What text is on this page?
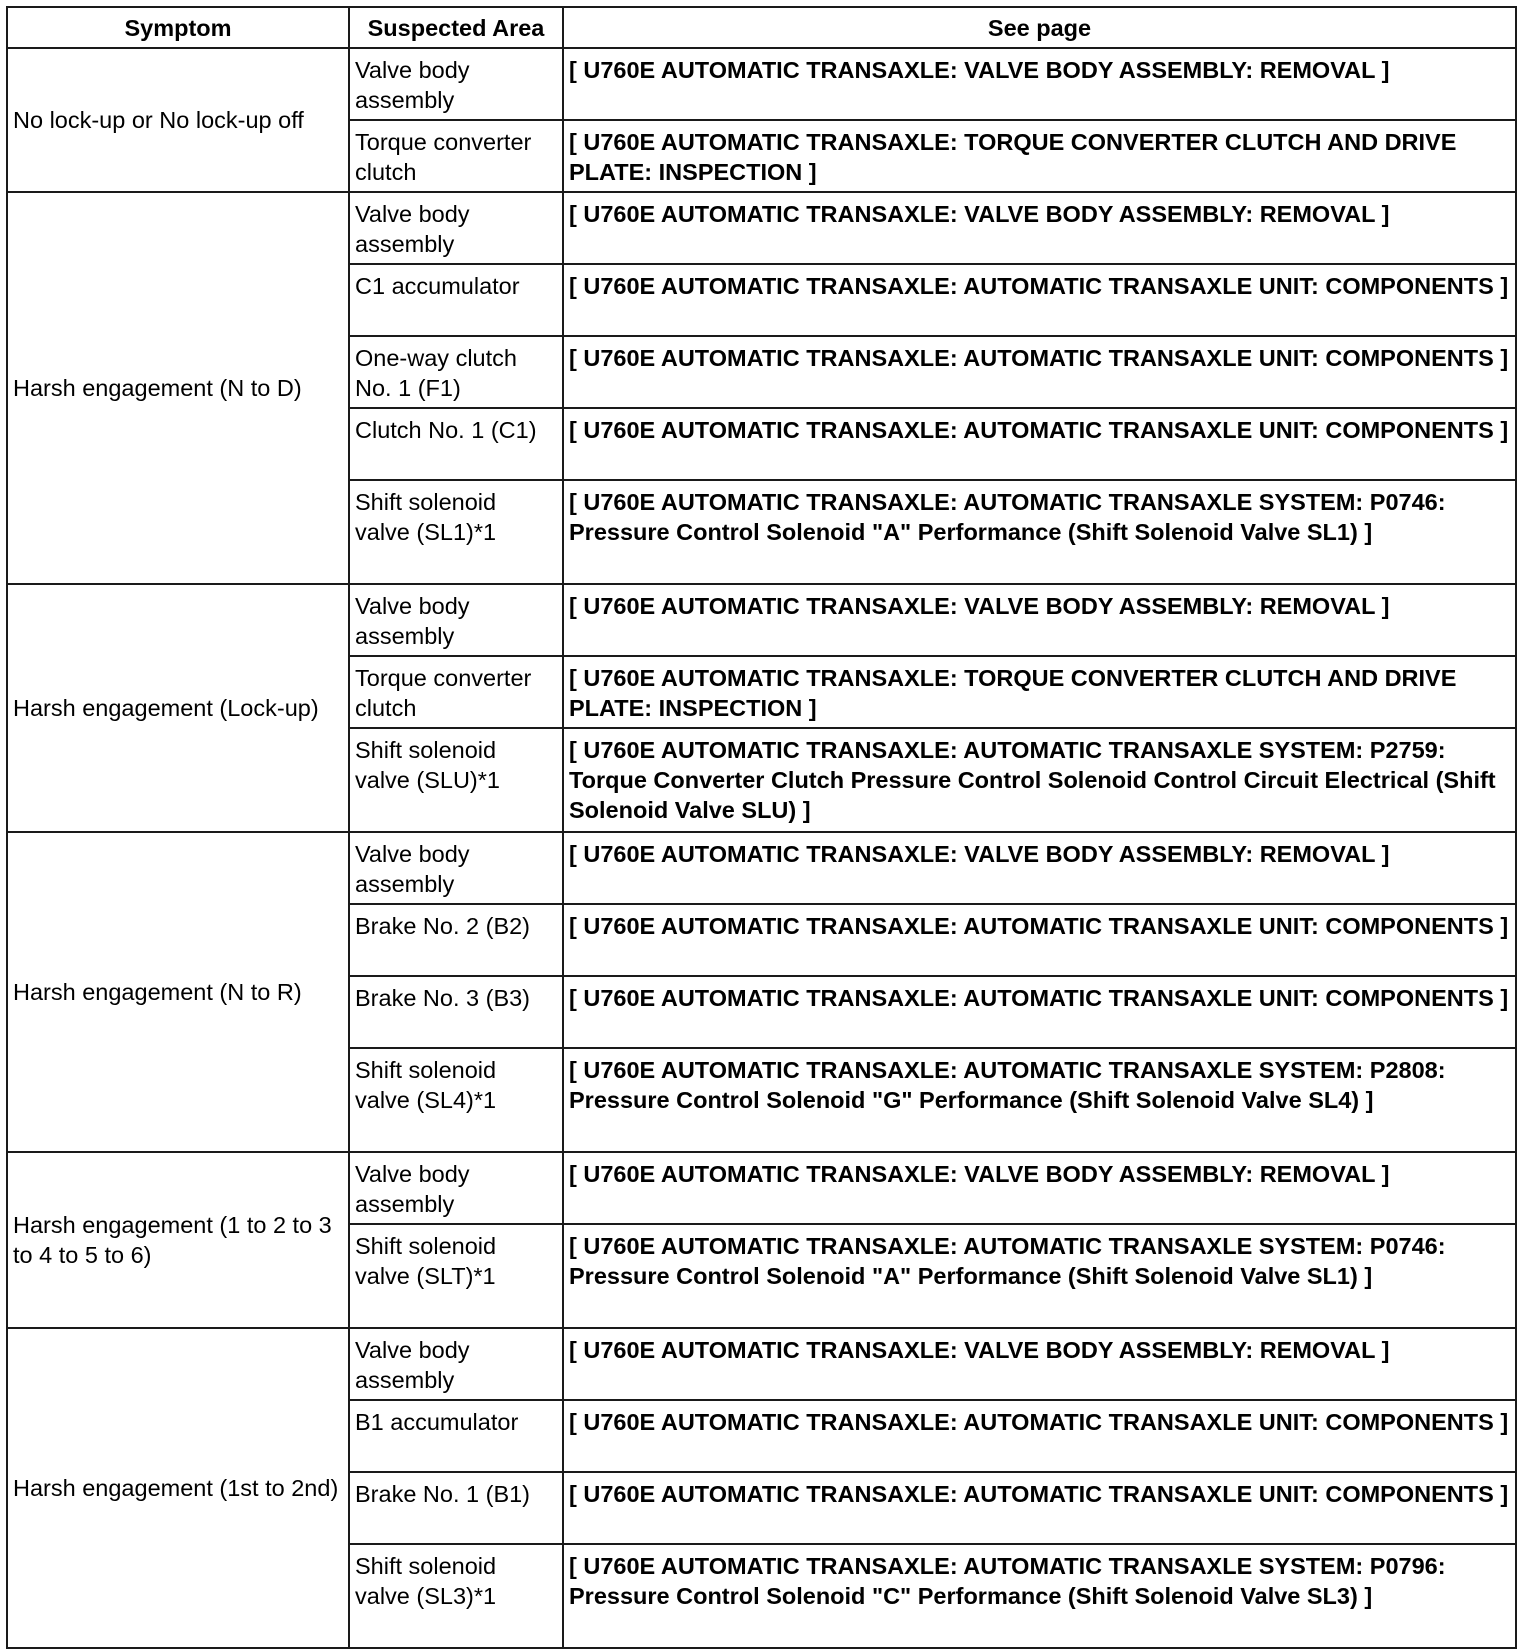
Symptom	Suspected Area	See page
No lock-up or No lock-up off	Valve body assembly	[ U760E AUTOMATIC TRANSAXLE: VALVE BODY ASSEMBLY: REMOVAL ]
	Torque converter clutch	[ U760E AUTOMATIC TRANSAXLE: TORQUE CONVERTER CLUTCH AND DRIVE PLATE: INSPECTION ]
Harsh engagement (N to D)	Valve body assembly	[ U760E AUTOMATIC TRANSAXLE: VALVE BODY ASSEMBLY: REMOVAL ]
	C1 accumulator	[ U760E AUTOMATIC TRANSAXLE: AUTOMATIC TRANSAXLE UNIT: COMPONENTS ]
	One-way clutch No. 1 (F1)	[ U760E AUTOMATIC TRANSAXLE: AUTOMATIC TRANSAXLE UNIT: COMPONENTS ]
	Clutch No. 1 (C1)	[ U760E AUTOMATIC TRANSAXLE: AUTOMATIC TRANSAXLE UNIT: COMPONENTS ]
	Shift solenoid valve (SL1)*1	[ U760E AUTOMATIC TRANSAXLE: AUTOMATIC TRANSAXLE SYSTEM: P0746: Pressure Control Solenoid "A" Performance (Shift Solenoid Valve SL1) ]
Harsh engagement (Lock-up)	Valve body assembly	[ U760E AUTOMATIC TRANSAXLE: VALVE BODY ASSEMBLY: REMOVAL ]
	Torque converter clutch	[ U760E AUTOMATIC TRANSAXLE: TORQUE CONVERTER CLUTCH AND DRIVE PLATE: INSPECTION ]
	Shift solenoid valve (SLU)*1	[ U760E AUTOMATIC TRANSAXLE: AUTOMATIC TRANSAXLE SYSTEM: P2759: Torque Converter Clutch Pressure Control Solenoid Control Circuit Electrical (Shift Solenoid Valve SLU) ]
Harsh engagement (N to R)	Valve body assembly	[ U760E AUTOMATIC TRANSAXLE: VALVE BODY ASSEMBLY: REMOVAL ]
	Brake No. 2 (B2)	[ U760E AUTOMATIC TRANSAXLE: AUTOMATIC TRANSAXLE UNIT: COMPONENTS ]
	Brake No. 3 (B3)	[ U760E AUTOMATIC TRANSAXLE: AUTOMATIC TRANSAXLE UNIT: COMPONENTS ]
	Shift solenoid valve (SL4)*1	[ U760E AUTOMATIC TRANSAXLE: AUTOMATIC TRANSAXLE SYSTEM: P2808: Pressure Control Solenoid "G" Performance (Shift Solenoid Valve SL4) ]
Harsh engagement (1 to 2 to 3 to 4 to 5 to 6)	Valve body assembly	[ U760E AUTOMATIC TRANSAXLE: VALVE BODY ASSEMBLY: REMOVAL ]
	Shift solenoid valve (SLT)*1	[ U760E AUTOMATIC TRANSAXLE: AUTOMATIC TRANSAXLE SYSTEM: P0746: Pressure Control Solenoid "A" Performance (Shift Solenoid Valve SL1) ]
Harsh engagement (1st to 2nd)	Valve body assembly	[ U760E AUTOMATIC TRANSAXLE: VALVE BODY ASSEMBLY: REMOVAL ]
	B1 accumulator	[ U760E AUTOMATIC TRANSAXLE: AUTOMATIC TRANSAXLE UNIT: COMPONENTS ]
	Brake No. 1 (B1)	[ U760E AUTOMATIC TRANSAXLE: AUTOMATIC TRANSAXLE UNIT: COMPONENTS ]
	Shift solenoid valve (SL3)*1	[ U760E AUTOMATIC TRANSAXLE: AUTOMATIC TRANSAXLE SYSTEM: P0796: Pressure Control Solenoid "C" Performance (Shift Solenoid Valve SL3) ]
